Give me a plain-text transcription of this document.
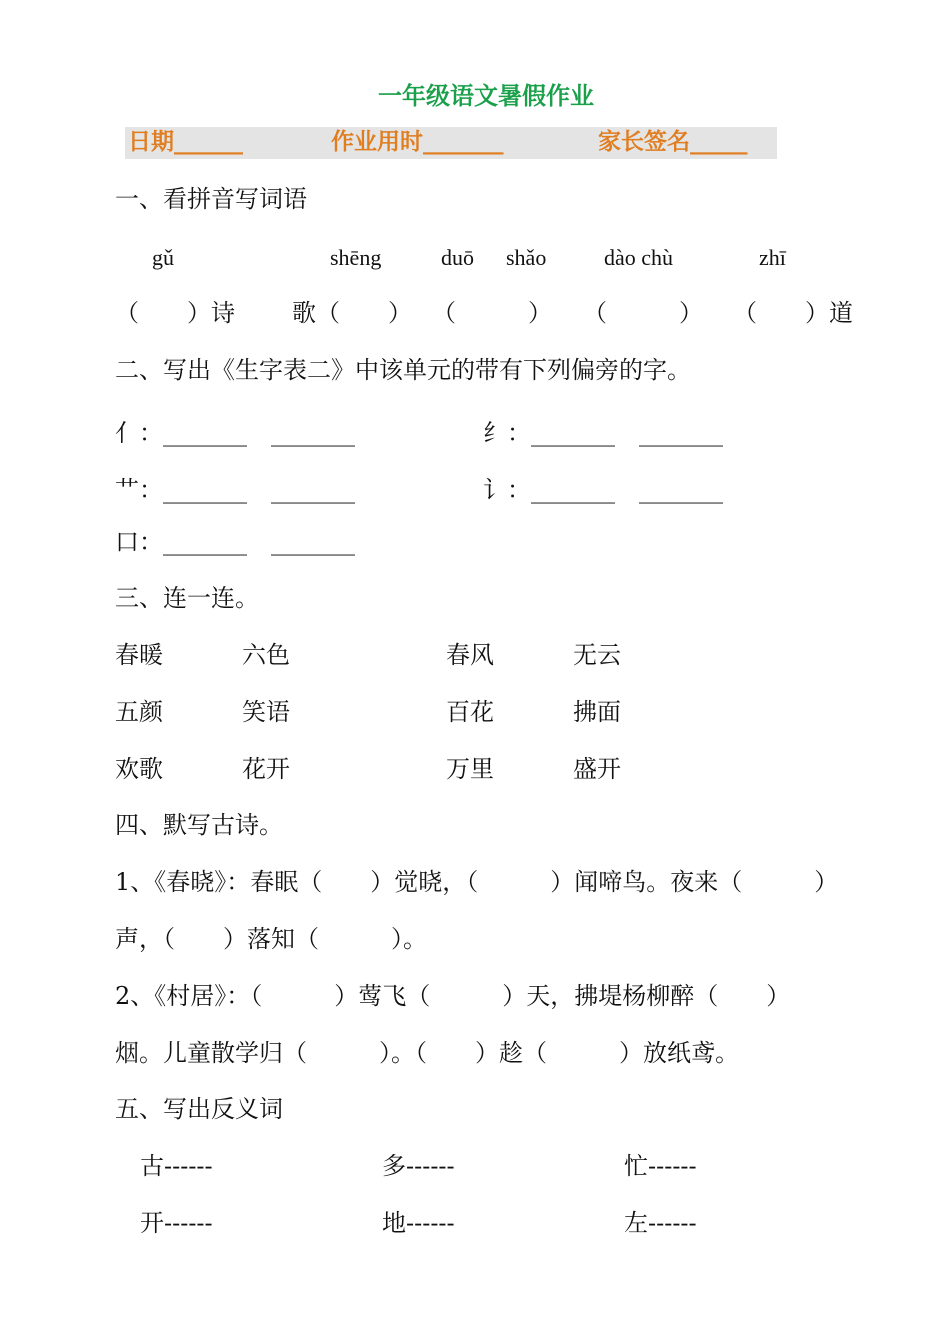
一年级语文暑假作业
日期______	作业用时_______	家长签名_____
一、看拼音写词语
gǔ	shēng	duō shǎo	dào chù	zhī
（　　）诗 歌（　　） （　　　） （　　　） （　　）道
二、写出《生字表二》中该单元的带有下列偏旁的字。
亻：_______　_______	纟：_______　_______
艹：_______　_______	讠：_______　_______
口：_______　_______
三、连一连。
春暖	六色	春风	无云
五颜	笑语	百花	拂面
欢歌	花开	万里	盛开
四、默写古诗。
1、《春晓》：春眠（　　）觉晓，（　　　）闻啼鸟。夜来（　　　）
声，（　　）落知（　　　）。
2、《村居》：（　　　）莺飞（　　　）天，拂堤杨柳醉（　　）
烟。儿童散学归（　　　）。（　　）趁（　　　）放纸鸢。
五、写出反义词
古------	多------	忙------
开------	地------	左------
